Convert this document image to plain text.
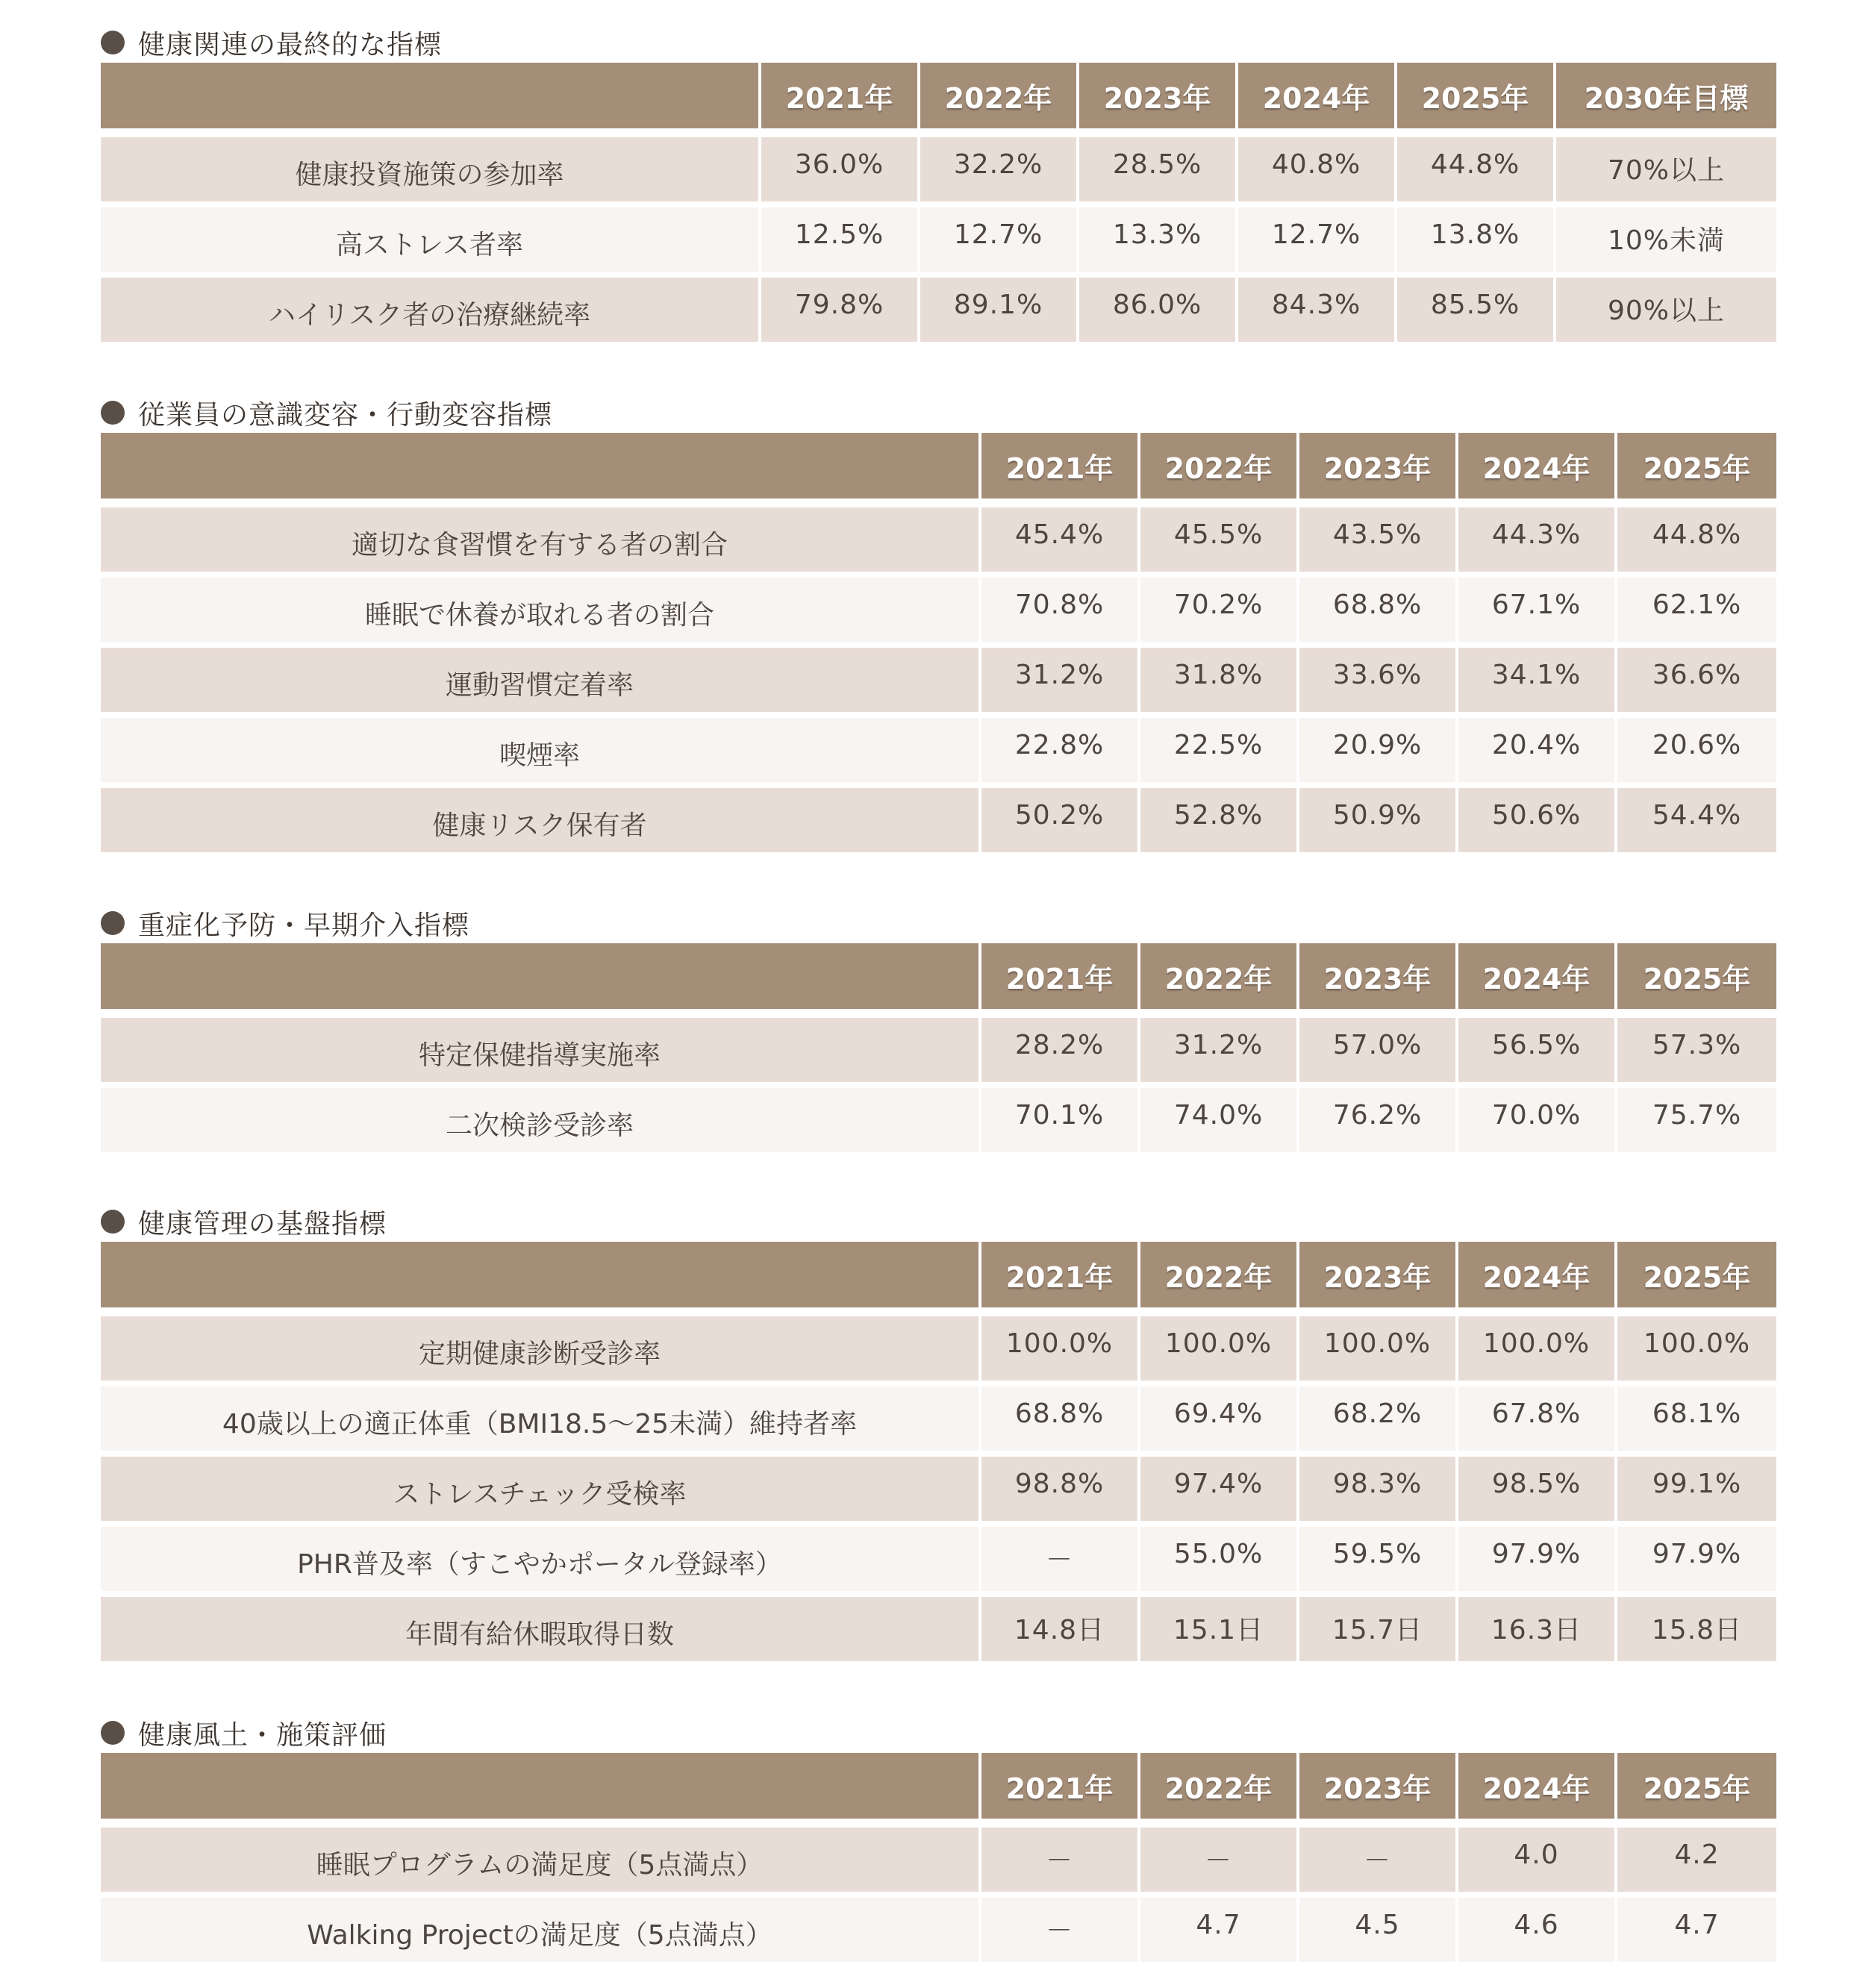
健康関連の最終的な指標
	2021年	2022年	2023年	2024年	2025年	2030年目標
健康投資施策の参加率	36.0%	32.2%	28.5%	40.8%	44.8%	70%以上
高ストレス者率	12.5%	12.7%	13.3%	12.7%	13.8%	10%未満
ハイリスク者の治療継続率	79.8%	89.1%	86.0%	84.3%	85.5%	90%以上
従業員の意識変容・行動変容指標
	2021年	2022年	2023年	2024年	2025年
適切な食習慣を有する者の割合	45.4%	45.5%	43.5%	44.3%	44.8%
睡眠で休養が取れる者の割合	70.8%	70.2%	68.8%	67.1%	62.1%
運動習慣定着率	31.2%	31.8%	33.6%	34.1%	36.6%
喫煙率	22.8%	22.5%	20.9%	20.4%	20.6%
健康リスク保有者	50.2%	52.8%	50.9%	50.6%	54.4%
重症化予防・早期介入指標
	2021年	2022年	2023年	2024年	2025年
特定保健指導実施率	28.2%	31.2%	57.0%	56.5%	57.3%
二次検診受診率	70.1%	74.0%	76.2%	70.0%	75.7%
健康管理の基盤指標
	2021年	2022年	2023年	2024年	2025年
定期健康診断受診率	100.0%	100.0%	100.0%	100.0%	100.0%
40歳以上の適正体重（BMI18.5～25未満）維持者率	68.8%	69.4%	68.2%	67.8%	68.1%
ストレスチェック受検率	98.8%	97.4%	98.3%	98.5%	99.1%
PHR普及率（すこやかポータル登録率）	－	55.0%	59.5%	97.9%	97.9%
年間有給休暇取得日数	14.8日	15.1日	15.7日	16.3日	15.8日
健康風土・施策評価
	2021年	2022年	2023年	2024年	2025年
睡眠プログラムの満足度（5点満点）	－	－	－	4.0	4.2
Walking Projectの満足度（5点満点）	－	4.7	4.5	4.6	4.7
